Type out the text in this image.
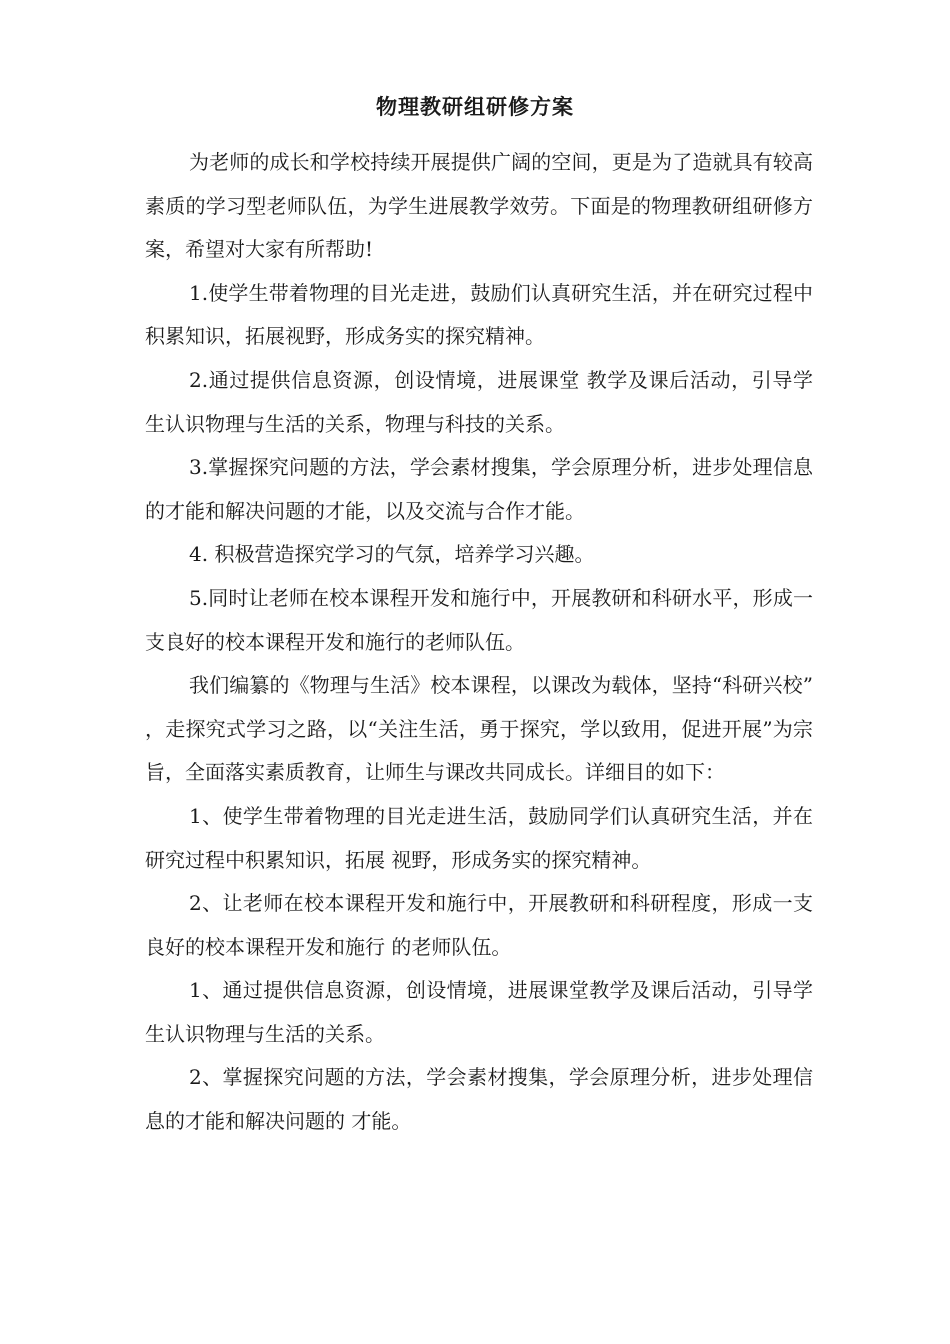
物理教研组研修方案

为老师的成长和学校持续开展提供广阔的空间，更是为了造就具有较高素质的学习型老师队伍，为学生进展教学效劳。下面是的物理教研组研修方案，希望对大家有所帮助!

1.使学生带着物理的目光走进，鼓励们认真研究生活，并在研究过程中积累知识，拓展视野，形成务实的探究精神。

2.通过提供信息资源，创设情境，进展课堂 教学及课后活动，引导学生认识物理与生活的关系，物理与科技的关系。

3.掌握探究问题的方法，学会素材搜集，学会原理分析，进步处理信息的才能和解决问题的才能，以及交流与合作才能。

4. 积极营造探究学习的气氛，培养学习兴趣。

5.同时让老师在校本课程开发和施行中，开展教研和科研水平，形成一支良好的校本课程开发和施行的老师队伍。

我们编纂的《物理与生活》校本课程，以课改为载体，坚持“科研兴校” ，走探究式学习之路，以“关注生活，勇于探究，学以致用，促进开展”为宗旨，全面落实素质教育，让师生与课改共同成长。详细目的如下：

1、使学生带着物理的目光走进生活，鼓励同学们认真研究生活，并在研究过程中积累知识，拓展 视野，形成务实的探究精神。

2、让老师在校本课程开发和施行中，开展教研和科研程度，形成一支良好的校本课程开发和施行 的老师队伍。

1、通过提供信息资源，创设情境，进展课堂教学及课后活动，引导学生认识物理与生活的关系。

2、掌握探究问题的方法，学会素材搜集，学会原理分析，进步处理信息的才能和解决问题的 才能。
